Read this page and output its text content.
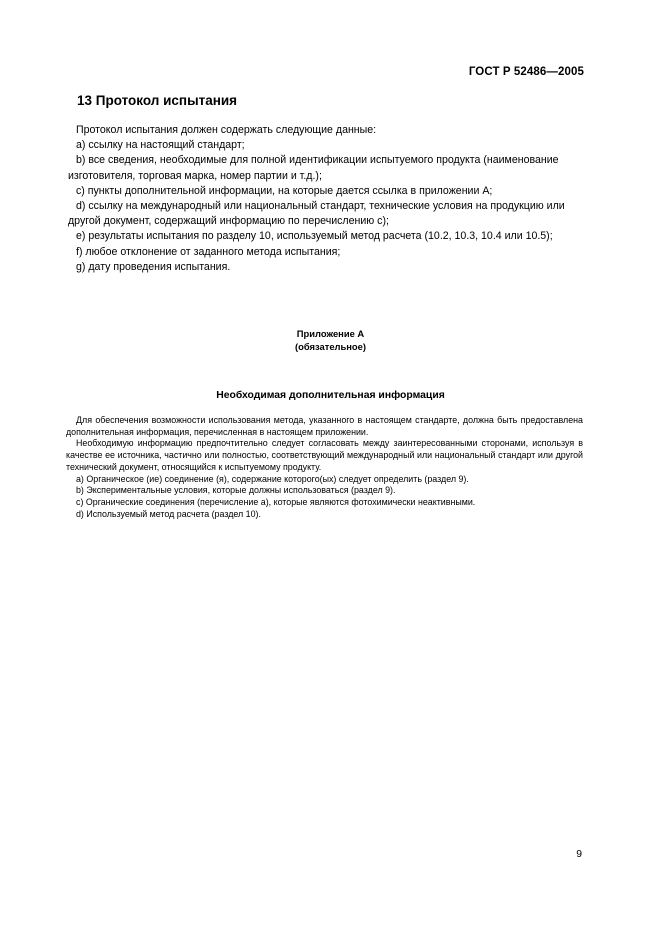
ГОСТ Р 52486—2005
13 Протокол испытания

Протокол испытания должен содержать следующие данные:

a) ссылку на настоящий стандарт;

b) все сведения, необходимые для полной идентификации испытуемого продукта (наименование

изготовителя, торговая марка, номер партии и т.д.);

c) пункты дополнительной информации, на которые дается ссылка в приложении А;

d) ссылку на международный или национальный стандарт, технические условия на продукцию или

другой документ, содержащий информацию по перечислению с);

e) результаты испытания по разделу 10, используемый метод расчета (10.2, 10.3, 10.4 или 10.5);

f) любое отклонение от заданного метода испытания;

g) дату проведения испытания.

Приложение А
(обязательное)
Необходимая дополнительная информация

Для обеспечения возможности использования метода, указанного в настоящем стандарте, должна быть предоставлена дополнительная информация, перечисленная в настоящем приложении.

Необходимую информацию предпочтительно следует согласовать между заинтересованными сторонами, используя в качестве ее источника, частично или полностью, соответствующий международный или национальный стандарт или другой технический документ, относящийся к испытуемому продукту.

a) Органическое (ие) соединение (я), содержание которого(ых) следует определить (раздел 9).

b) Экспериментальные условия, которые должны использоваться (раздел 9).

c) Органические соединения (перечисление а), которые являются фотохимически неактивными.

d) Используемый метод расчета (раздел 10).

9
